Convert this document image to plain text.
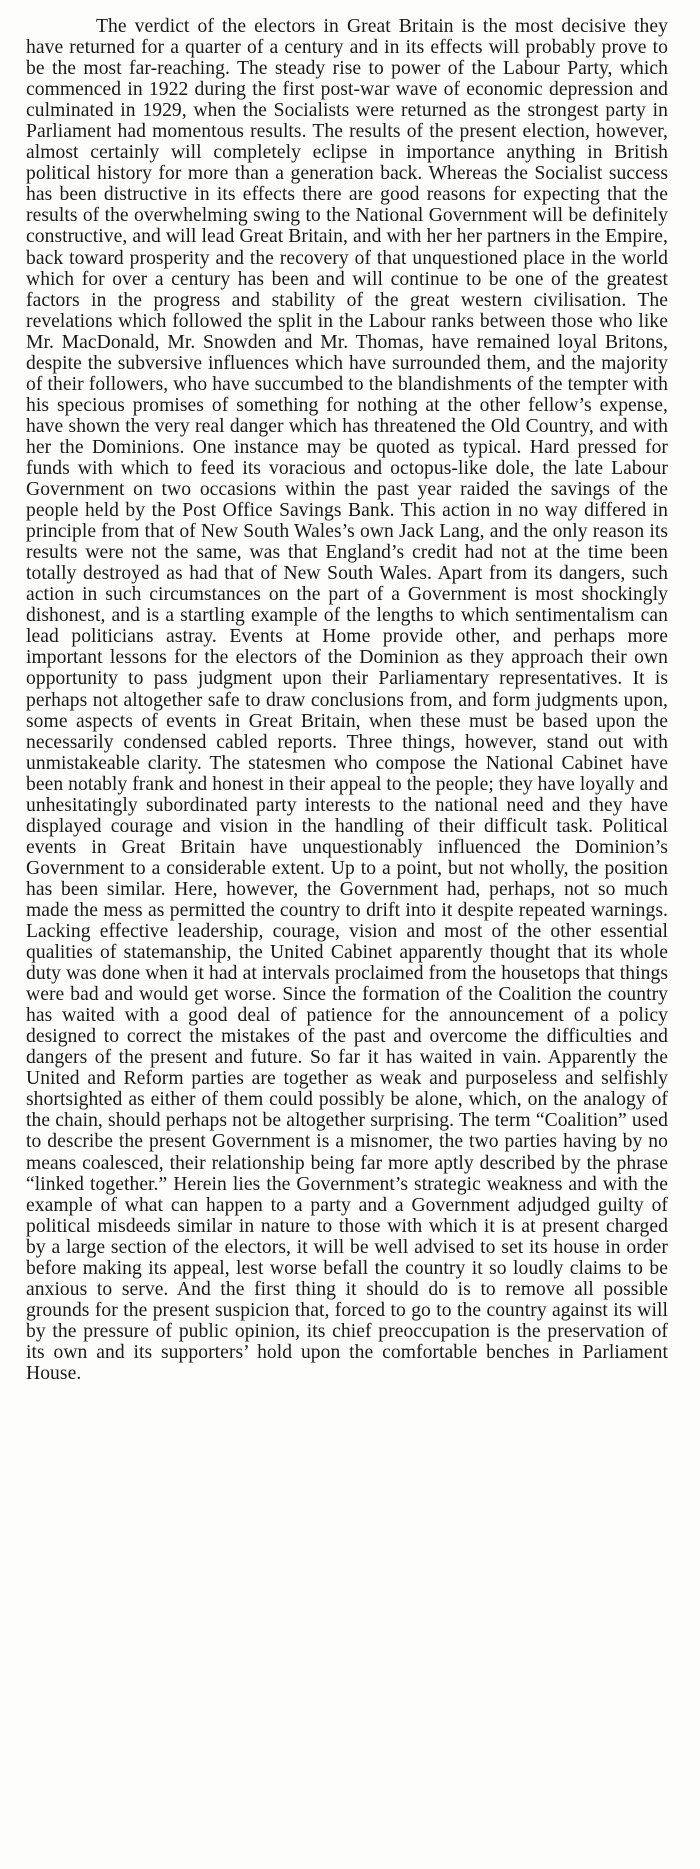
The verdict of the electors in Great Britain is the most decisive they have returned for a quarter of a century and in its effects will probably prove to be the most far-reaching. The steady rise to power of the Labour Party, which commenced in 1922 during the first post-war wave of economic depression and culminated in 1929, when the Socialists were returned as the strongest party in Parliament had momentous results. The results of the present election, however, almost certainly will completely eclipse in importance anything in British political history for more than a generation back. Whereas the Socialist success has been distructive in its effects there are good reasons for expecting that the results of the overwhelming swing to the National Government will be definitely constructive, and will lead Great Britain, and with her her partners in the Empire, back toward prosperity and the recovery of that unquestioned place in the world which for over a century has been and will continue to be one of the greatest factors in the progress and stability of the great western civilisation. The revelations which followed the split in the Labour ranks between those who like Mr. MacDonald, Mr. Snowden and Mr. Thomas, have remained loyal Britons, despite the subversive influences which have surrounded them, and the majority of their followers, who have succumbed to the blandishments of the tempter with his specious promises of something for nothing at the other fellow’s expense, have shown the very real danger which has threatened the Old Country, and with her the Dominions. One instance may be quoted as typical. Hard pressed for funds with which to feed its voracious and octopus-like dole, the late Labour Government on two occasions within the past year raided the savings of the people held by the Post Office Savings Bank. This action in no way differed in principle from that of New South Wales’s own Jack Lang, and the only reason its results were not the same, was that England’s credit had not at the time been totally destroyed as had that of New South Wales. Apart from its dangers, such action in such circumstances on the part of a Government is most shockingly dishonest, and is a startling example of the lengths to which sentimentalism can lead politicians astray. Events at Home provide other, and perhaps more important lessons for the electors of the Dominion as they approach their own opportunity to pass judgment upon their Parliamentary representatives. It is perhaps not altogether safe to draw conclusions from, and form judgments upon, some aspects of events in Great Britain, when these must be based upon the necessarily condensed cabled reports. Three things, however, stand out with unmistakeable clarity. The statesmen who compose the National Cabinet have been notably frank and honest in their appeal to the people; they have loyally and unhesitatingly subordinated party interests to the national need and they have displayed courage and vision in the handling of their difficult task. Political events in Great Britain have unquestionably influenced the Dominion’s Government to a considerable extent. Up to a point, but not wholly, the position has been similar. Here, however, the Government had, perhaps, not so much made the mess as permitted the country to drift into it despite repeated warnings. Lacking effective leadership, courage, vision and most of the other essential qualities of statemanship, the United Cabinet apparently thought that its whole duty was done when it had at intervals proclaimed from the housetops that things were bad and would get worse. Since the formation of the Coalition the country has waited with a good deal of patience for the announcement of a policy designed to correct the mistakes of the past and overcome the difficulties and dangers of the present and future. So far it has waited in vain. Apparently the United and Reform parties are together as weak and purposeless and selfishly shortsighted as either of them could possibly be alone, which, on the analogy of the chain, should perhaps not be altogether surprising. The term “Coalition” used to describe the present Government is a misnomer, the two parties having by no means coalesced, their relationship being far more aptly described by the phrase “linked together.” Herein lies the Government’s strategic weakness and with the example of what can happen to a party and a Government adjudged guilty of political misdeeds similar in nature to those with which it is at present charged by a large section of the electors, it will be well advised to set its house in order before making its appeal, lest worse befall the country it so loudly claims to be anxious to serve. And the first thing it should do is to remove all possible grounds for the present suspicion that, forced to go to the country against its will by the pressure of public opinion, its chief preoccupation is the preservation of its own and its supporters’ hold upon the comfortable benches in Parliament House.
